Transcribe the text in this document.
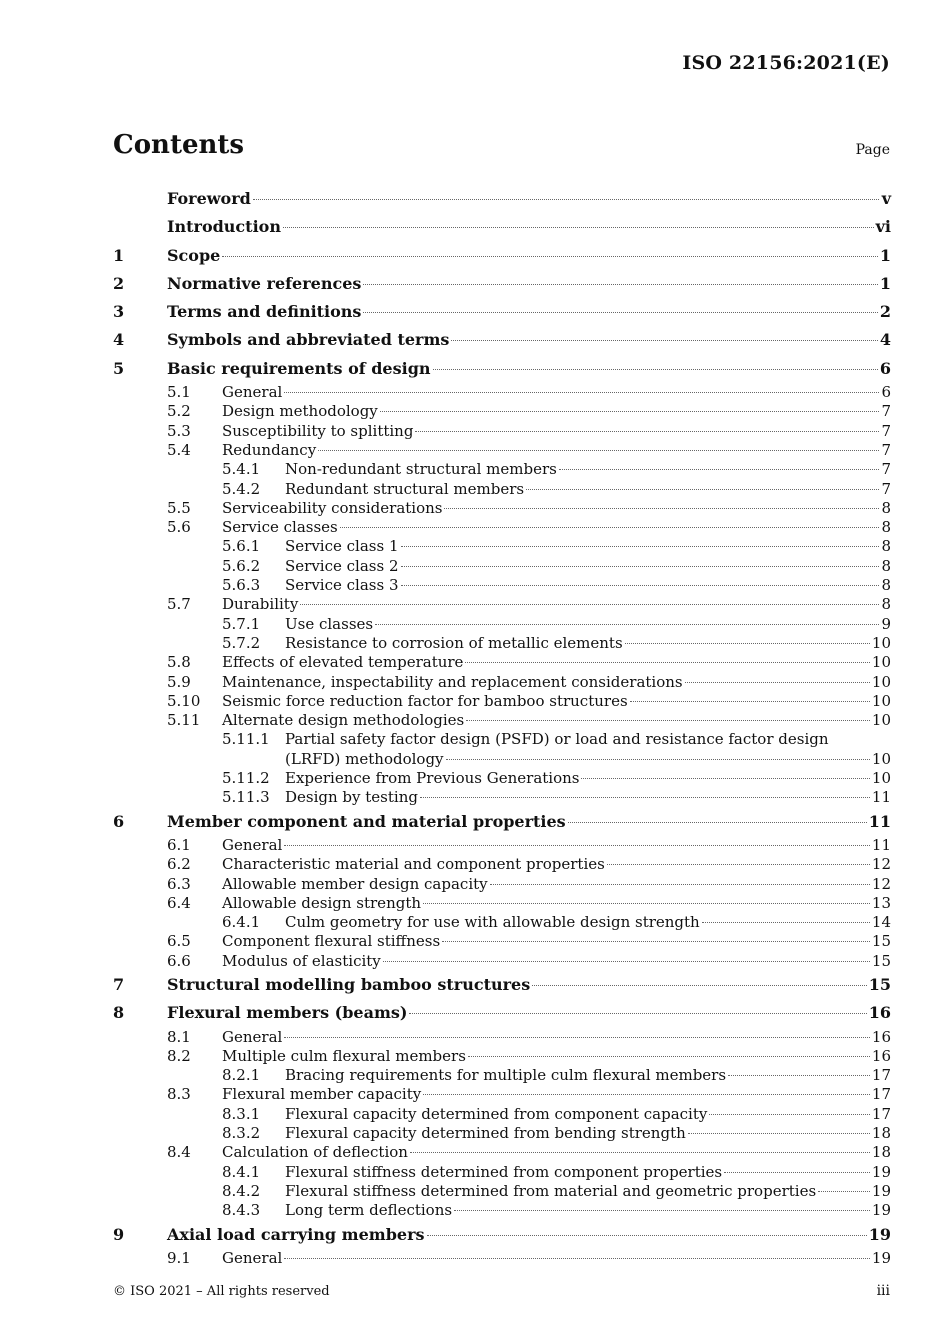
ISO 22156:2021(E)
Contents	Page
Foreword	v
Introduction	vi
1	Scope	1
2	Normative references	1
3	Terms and definitions	2
4	Symbols and abbreviated terms	4
5	Basic requirements of design	6
5.1	General	6
5.2	Design methodology	7
5.3	Susceptibility to splitting	7
5.4	Redundancy	7
5.4.1	Non-redundant structural members	7
5.4.2	Redundant structural members	7
5.5	Serviceability considerations	8
5.6	Service classes	8
5.6.1	Service class 1	8
5.6.2	Service class 2	8
5.6.3	Service class 3	8
5.7	Durability	8
5.7.1	Use classes	9
5.7.2	Resistance to corrosion of metallic elements	10
5.8	Effects of elevated temperature	10
5.9	Maintenance, inspectability and replacement considerations	10
5.10	Seismic force reduction factor for bamboo structures	10
5.11	Alternate design methodologies	10
5.11.1	Partial safety factor design (PSFD) or load and resistance factor design
(LRFD) methodology	10
5.11.2	Experience from Previous Generations	10
5.11.3	Design by testing	11
6	Member component and material properties	11
6.1	General	11
6.2	Characteristic material and component properties	12
6.3	Allowable member design capacity	12
6.4	Allowable design strength	13
6.4.1	Culm geometry for use with allowable design strength	14
6.5	Component flexural stiffness	15
6.6	Modulus of elasticity	15
7	Structural modelling bamboo structures	15
8	Flexural members (beams)	16
8.1	General	16
8.2	Multiple culm flexural members	16
8.2.1	Bracing requirements for multiple culm flexural members	17
8.3	Flexural member capacity	17
8.3.1	Flexural capacity determined from component capacity	17
8.3.2	Flexural capacity determined from bending strength	18
8.4	Calculation of deflection	18
8.4.1	Flexural stiffness determined from component properties	19
8.4.2	Flexural stiffness determined from material and geometric properties	19
8.4.3	Long term deflections	19
9	Axial load carrying members	19
9.1	General	19
© ISO 2021 – All rights reserved	iii
